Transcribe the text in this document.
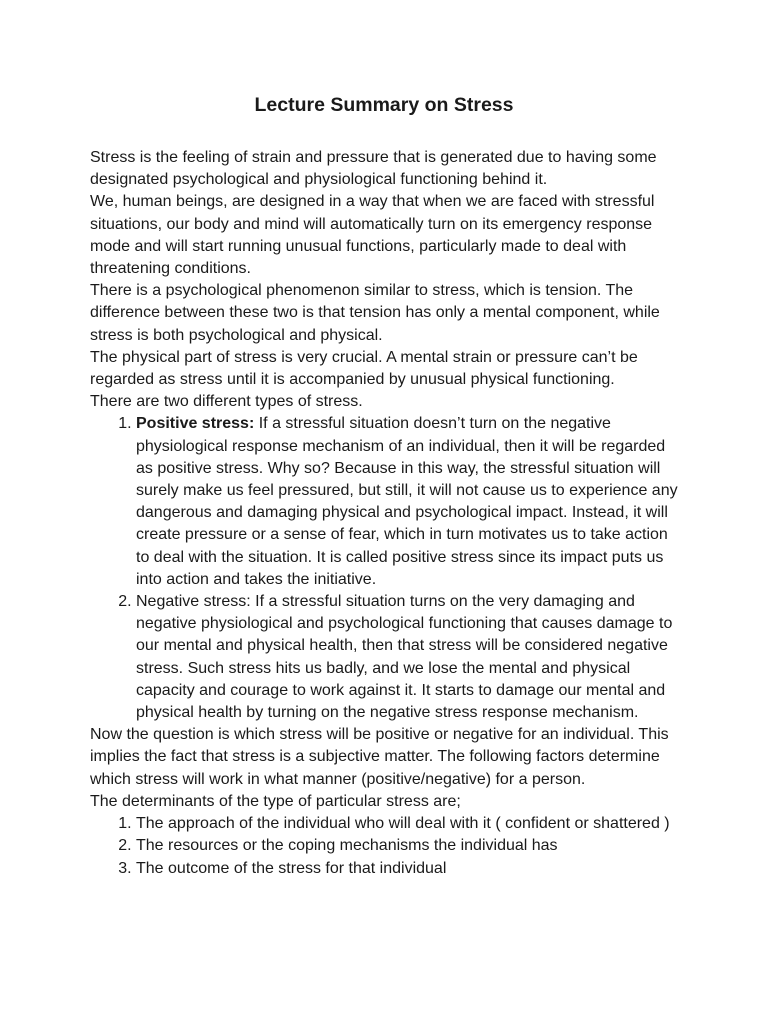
Lecture Summary on Stress

Stress is the feeling of strain and pressure that is generated due to having some designated psychological and physiological functioning behind it.

We, human beings, are designed in a way that when we are faced with stressful situations, our body and mind will automatically turn on its emergency response mode and will start running unusual functions, particularly made to deal with threatening conditions.

There is a psychological phenomenon similar to stress, which is tension. The difference between these two is that tension has only a mental component, while stress is both psychological and physical.

The physical part of stress is very crucial. A mental strain or pressure can’t be regarded as stress until it is accompanied by unusual physical functioning.

There are two different types of stress.

1. Positive stress: If a stressful situation doesn’t turn on the negative physiological response mechanism of an individual, then it will be regarded as positive stress. Why so? Because in this way, the stressful situation will surely make us feel pressured, but still, it will not cause us to experience any dangerous and damaging physical and psychological impact. Instead, it will create pressure or a sense of fear, which in turn motivates us to take action to deal with the situation. It is called positive stress since its impact puts us into action and takes the initiative.
2. Negative stress: If a stressful situation turns on the very damaging and negative physiological and psychological functioning that causes damage to our mental and physical health, then that stress will be considered negative stress. Such stress hits us badly, and we lose the mental and physical capacity and courage to work against it. It starts to damage our mental and physical health by turning on the negative stress response mechanism.

Now the question is which stress will be positive or negative for an individual. This implies the fact that stress is a subjective matter. The following factors determine which stress will work in what manner (positive/negative) for a person.

The determinants of the type of particular stress are;

1. The approach of the individual who will deal with it ( confident or shattered )
2. The resources or the coping mechanisms the individual has
3. The outcome of the stress for that individual
